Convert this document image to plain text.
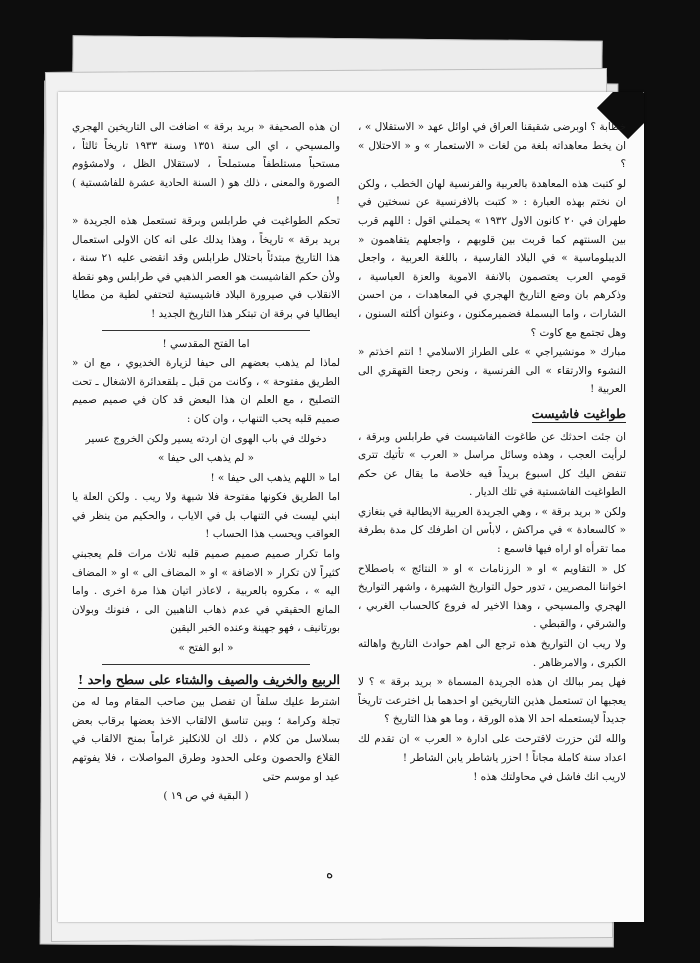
خطابة ؟ اوبرضى شقيقنا العراق في اوائل عهد « الاستقلال » ، ان يخط معاهداته بلغة من لغات « الاستعمار » و « الاحتلال » ؟

لو كتبت هذه المعاهدة بالعربية والفرنسية لهان الخطب ، ولكن ان نختم بهذه العبارة : « كتبت بالافرنسية عن نسختين في طهران في ٢٠ كانون الاول ١٩٣٢ » يحملني اقول : اللهم قرب بين السنتهم كما قربت بين قلوبهم ، واجعلهم يتفاهمون « الديبلوماسية » في البلاد الفارسية ، باللغة العربية ، واجعل قومي العرب يعتصمون بالانفة الاموية والعزة العباسية ، وذكرهم بان وضع التاريخ الهجري في المعاهدات ، من احسن الشارات ، واما البسملة فضميرمكنون ، وعنوان أكلته السنون ، وهل تجتمع مع كاوت ؟

مبارك « مونشيراجي » على الطراز الاسلامي ! انتم اخذتم « النشوء والارتقاء » الى الفرنسية ، ونحن رجعنا القهقري الى العربية !

طواغيت فاشيست

ان جئت احدثك عن طاغوت الفاشيست في طرابلس وبرقة ، لرأيت العجب ، وهذه وسائل مراسل « العرب » تأتيك تترى تنفض اليك كل اسبوع بريداً فيه خلاصة ما يقال عن حكم الطواغيت الفاشستية في تلك الديار .

ولكن « بريد برقة » ، وهي الجريدة العربية الايطالية في بنغازي « كالسعادة » في مراكش ، لابأس ان اطرفك كل مدة بطرفة مما تقرأه او اراه فيها فاسمع :

كل « التقاويم » او « الرزنامات » او « النتائج » باصطلاح اخواننا المصريين ، تدور حول التواريخ الشهيرة ، واشهر التواريخ الهجري والمسيحي ، وهذا الاخير له فروع كالحساب الغربي ، والشرقي ، والقبطي .

ولا ريب ان التواريخ هذه ترجع الى اهم حوادث التاريخ واهالته الكبرى ، والامرظاهر .

فهل يمر ببالك ان هذه الجريدة المسماة « بريد برقة » ؟ لا يعجبها ان تستعمل هذين التاريخين او احدهما بل اخترعت تاريخاً جديداً لايستعمله احد الا هذه الورقة ، وما هو هذا التاريخ ؟

والله لئن حزرت لاقترحت على ادارة « العرب » ان تقدم لك اعداد سنة كاملة مجاناً ! احزر ياشاطر يابن الشاطر !

لاريب انك فاشل في محاولتك هذه !

ان هذه الصحيفة « بريد برقة » اضافت الى التاريخين الهجري والمسيحي ، اي الى سنة ١٣٥١ وسنة ١٩٣٣ تاريخاً ثالثاً ، مستحباً مستلطفاً مستملحاً ، لاستقلال الظل ، ولامشؤوم الصورة والمعنى ، ذلك هو ( السنة الحادية عشرة للفاشستية ) !

تحكم الطواغيت في طرابلس وبرقة تستعمل هذه الجريدة « بريد برقة » تاريخاً ، وهذا يدلك على انه كان الاولى استعمال هذا التاريخ مبتدئاً باحتلال طرابلس وقد انقضى عليه ٢١ سنة ، ولأن حكم الفاشيست هو العصر الذهبي في طرابلس وهو نقطة الانقلاب في صيرورة البلاد فاشيستية لتحتفي لطية من مطايا ايطاليا في برقة ان تبتكر هذا التاريخ الجديد !

اما الفتح المقدسي !

لماذا لم يذهب بعضهم الى حيفا لزيارة الخديوي ، مع ان « الطريق مفتوحة » ، وكانت من قبل ـ بلقعدائرة الاشغال ـ تحت التصليح ، مع العلم ان هذا البعض قد كان في صميم صميم صميم قلبه يحب التنهاب ، وان كان :

دخولك في باب الهوى ان اردته يسير ولكن الخروج عسير

« لم يذهب الى حيفا »

اما « اللهم يذهب الى حيفا » !

اما الطريق فكونها مفتوحة فلا شبهة ولا ريب . ولكن العلة يا ابني ليست في التنهاب بل في الاياب ، والحكيم من ينظر في العواقب ويحسب هذا الحساب !

واما تكرار صميم صميم صميم قلبه ثلاث مرات فلم يعجبني كثيراً لان تكرار « الاضافة » او « المضاف الى » او « المضاف اليه » ، مكروه بالعربية ، لاعاذر اتيان هذا مرة اخرى . واما المانع الحقيقي في عدم ذهاب الناهبين الى ، فنونك وبولان بورتانيف ، فهو جهينة وعنده الخبر اليقين

« ابو الفتح »

الربيع والخريف والصيف والشتاء على سطح واحد !

اشترط عليك سلفاً ان تفصل بين صاحب المقام وما له من تجلة وكرامة ؛ وبين تناسق الالقاب الاخذ بعضها برقاب بعض بسلاسل من كلام ، ذلك ان للانكليز غراماً بمنح الالقاب في القلاع والحصون وعلى الحدود وطرق المواصلات ، فلا يفوتهم عيد او موسم حتى

( البقية في ص ١٩ )

ه
